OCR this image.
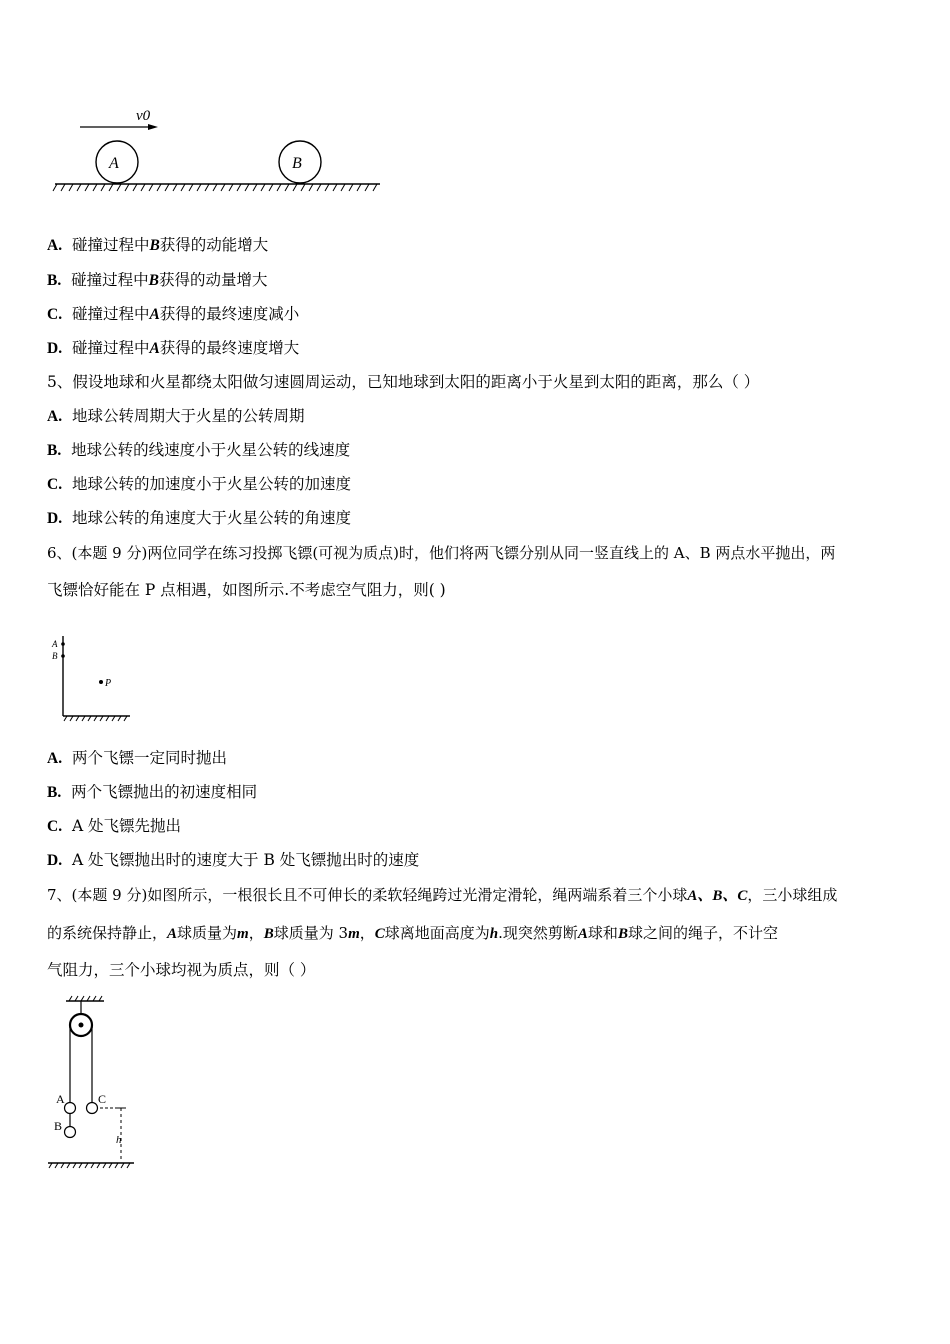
v0
A	B
A. 碰撞过程中B获得的动能增大
B. 碰撞过程中B获得的动量增大
C. 碰撞过程中A获得的最终速度减小
D. 碰撞过程中A获得的最终速度增大
5、假设地球和火星都绕太阳做匀速圆周运动，已知地球到太阳的距离小于火星到太阳的距离，那么（ ）
A. 地球公转周期大于火星的公转周期
B. 地球公转的线速度小于火星公转的线速度
C. 地球公转的加速度小于火星公转的加速度
D. 地球公转的角速度大于火星公转的角速度
6、(本题 9 分)两位同学在练习投掷飞镖(可视为质点)时，他们将两飞镖分别从同一竖直线上的 A、B 两点水平抛出，两
飞镖恰好能在 P 点相遇，如图所示.不考虑空气阻力，则( )
A
B
P
A. 两个飞镖一定同时抛出
B. 两个飞镖抛出的初速度相同
C. A 处飞镖先抛出
D. A 处飞镖抛出时的速度大于 B 处飞镖抛出时的速度
7、(本题 9 分)如图所示，一根很长且不可伸长的柔软轻绳跨过光滑定滑轮，绳两端系着三个小球A、B、C，三小球组成
的系统保持静止，A球质量为m，B球质量为 3m，C球离地面高度为h.现突然剪断A球和B球之间的绳子，不计空
气阻力，三个小球均视为质点，则（ ）
A
B
C
h
